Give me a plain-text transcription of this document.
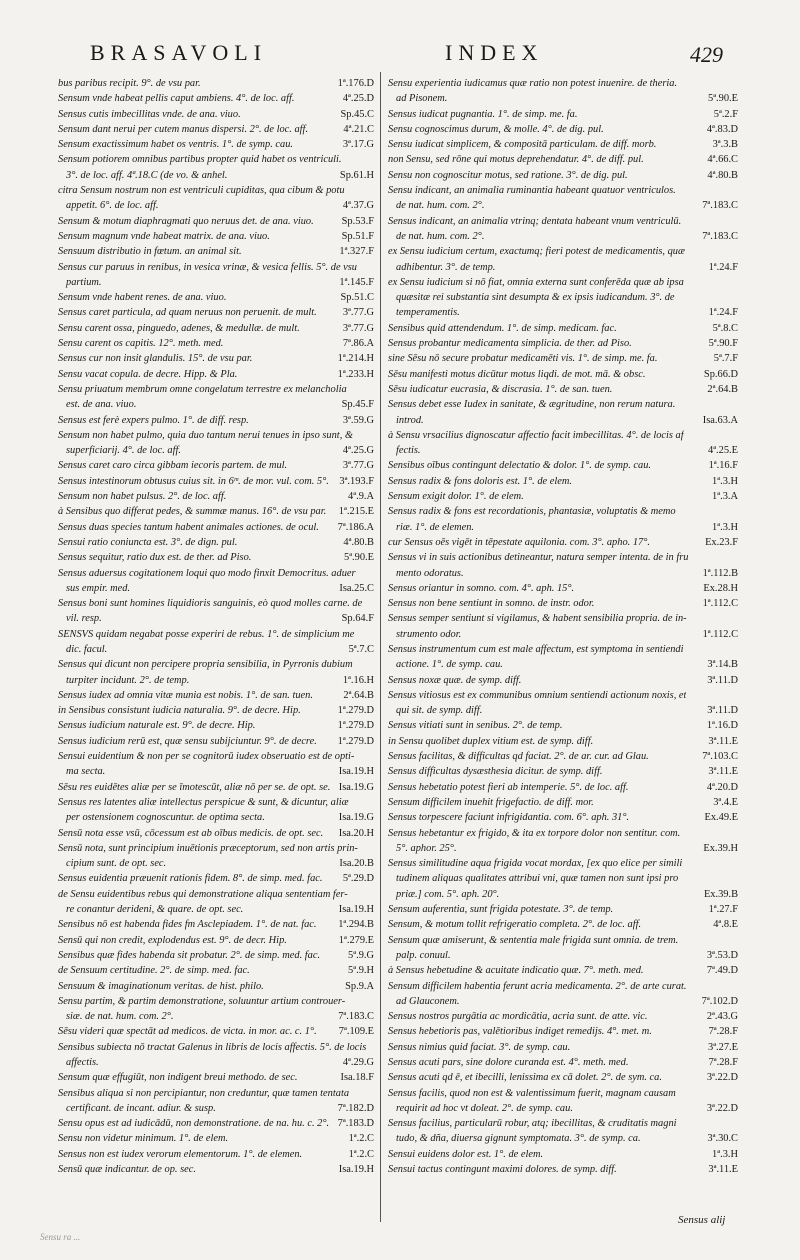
BRASAVOLI	INDEX	429
bus paribus recipit. 9°. de vsu par.	1ª.176.D
Sensum vnde habeat pellis caput ambiens. 4°. de loc. aff.	4ª.25.D
Sensus cutis imbecillitas vnde. de ana. viuo.	Sp.45.C
Sensum dant nerui per cutem manus dispersi. 2°. de loc. aff.	4ª.21.C
Sensum exactissimum habet os ventris. 1°. de symp. cau.	3ª.17.G
Sensum potiorem omnibus partibus propter quid habet os ventriculi.
3°. de loc. aff. 4ª.18.C (de vo. & anhel.	Sp.61.H
citra Sensum nostrum non est ventriculi cupiditas, qua cibum & potu
appetit. 6°. de loc. aff.	4ª.37.G
Sensum & motum diaphragmati quo neruus det. de ana. viuo.	Sp.53.F
Sensum magnum vnde habeat matrix. de ana. viuo.	Sp.51.F
Sensuum distributio in fœtum. an animal sit.	1ª.327.F
Sensus cur paruus in renibus, in vesica vrinæ, & vesica fellis. 5°. de vsu
partium.	1ª.145.F
Sensum vnde habent renes. de ana. viuo.	Sp.51.C
Sensus caret particula, ad quam neruus non peruenit. de mult.	3ª.77.G
Sensu carent ossa, pinguedo, adenes, & medullæ. de mult.	3ª.77.G
Sensu carent os capitis. 12°. meth. med.	7ª.86.A
Sensus cur non insit glandulis. 15°. de vsu par.	1ª.214.H
Sensu vacat copula. de decre. Hipp. & Pla.	1ª.233.H
Sensu priuatum membrum omne congelatum terrestre ex melancholia
est. de ana. viuo.	Sp.45.F
Sensus est ferè expers pulmo. 1°. de diff. resp.	3ª.59.G
Sensum non habet pulmo, quia duo tantum nerui tenues in ipso sunt, &
superficiarij. 4°. de loc. aff.	4ª.25.G
Sensus caret caro circa gibbam iecoris partem. de mul.	3ª.77.G
Sensus intestinorum obtusus cuius sit. in 6ᵐ. de mor. vul. com. 5°.	3ª.193.F
Sensum non habet pulsus. 2°. de loc. aff.	4ª.9.A
à Sensibus quo differat pedes, & summæ manus. 16°. de vsu par.	1ª.215.E
Sensus duas species tantum habent animales actiones. de ocul.	7ª.186.A
Sensui ratio coniuncta est. 3°. de dign. pul.	4ª.80.B
Sensus sequitur, ratio dux est. de ther. ad Piso.	5ª.90.E
Sensus aduersus cogitationem loqui quo modo finxit Democritus. aduer
sus empir. med.	Isa.25.C
Sensus boni sunt homines liquidioris sanguinis, eò quod molles carne. de
vil. resp.	Sp.64.F
SENSVS quidam negabat posse experiri de rebus. 1°. de simplicium me
dic. facul.	5ª.7.C
Sensus qui dicunt non percipere propria sensibilia, in Pyrronis dubium
turpiter incidunt. 2°. de temp.	1ª.16.H
Sensus iudex ad omnia vitæ munia est nobis. 1°. de san. tuen.	2ª.64.B
in Sensibus consistunt iudicia naturalia. 9°. de decre. Hip.	1ª.279.D
Sensus iudicium naturale est. 9°. de decre. Hip.	1ª.279.D
Sensus iudicium rerū est, quæ sensu subijciuntur. 9°. de decre.	1ª.279.D
Sensui euidentium & non per se cognitorū iudex obseruatio est de opti-
ma secta.	Isa.19.H
Sēsu res euidētes aliæ per se īmotescūt, aliæ nō per se. de opt. se. Isa.19.G
Sensus res latentes aliæ intellectus perspicue & sunt, & dicuntur, aliæ
per ostensionem cognoscuntur. de optima secta.	Isa.19.G
Sensū nota esse vsū, cōcessum est ab oībus medicis. de opt. sec.	Isa.20.H
Sensū nota, sunt principium inuētionis præceptorum, sed non artis prin-
cipium sunt. de opt. sec.	Isa.20.B
Sensus euidentia præuenit rationis fidem. 8°. de simp. med. fac.	5ª.29.D
de Sensu euidentibus rebus qui demonstratione aliqua sententiam fer-
re conantur derideni, & quare. de opt. sec.	Isa.19.H
Sensibus nō est habenda fides fm Asclepiadem. 1°. de nat. fac.	1ª.294.B
Sensū qui non credit, explodendus est. 9°. de decr. Hip.	1ª.279.E
Sensibus quæ fides habenda sit probatur. 2°. de simp. med. fac.	5ª.9.G
de Sensuum certitudine. 2°. de simp. med. fac.	5ª.9.H
Sensuum & imaginationum veritas. de hist. philo.	Sp.9.A
Sensu partim, & partim demonstratione, soluuntur artium controuer-
siæ. de nat. hum. com. 2°.	7ª.183.C
Sēsu videri quæ spectāt ad medicos. de victa. in mor. ac. c. 1°.	7ª.109.E
Sensibus subiecta nō tractat Galenus in libris de locis affectis. 5°. de locis
affectis.	4ª.29.G
Sensum quæ effugiūt, non indigent breui methodo. de sec.	Isa.18.F
Sensibus aliqua si non percipiantur, non creduntur, quæ tamen tentata
certificant. de incant. adiur. & susp.	7ª.182.D
Sensu opus est ad iudicādū, non demonstratione. de na. hu. c. 2°. 7ª.183.D
Sensu non videtur minimum. 1°. de elem.	1ª.2.C
Sensus non est iudex verorum elementorum. 1°. de elemen.	1ª.2.C
Sensū quæ indicantur. de op. sec.	Isa.19.H
Sensu experientia iudicamus quæ ratio non potest inuenire. de theria.
ad Pisonem.	5ª.90.E
Sensus iudicat pugnantia. 1°. de simp. me. fa.	5ª.2.F
Sensu cognoscimus durum, & molle. 4°. de dig. pul.	4ª.83.D
Sensu iudicat simplicem, & compositā particulam. de diff. morb.	3ª.3.B
non Sensu, sed rōne qui motus deprehendatur. 4°. de diff. pul.	4ª.66.C
Sensu non cognoscitur motus, sed ratione. 3°. de dig. pul.	4ª.80.B
Sensu indicant, an animalia ruminantia habeant quatuor ventriculos.
de nat. hum. com. 2°.	7ª.183.C
Sensus indicant, an animalia vtrinq; dentata habeant vnum ventriculū.
de nat. hum. com. 2°.	7ª.183.C
ex Sensu iudicium certum, exactumq; fieri potest de medicamentis, quæ
adhibentur. 3°. de temp.	1ª.24.F
ex Sensu iudicium si nō fiat, omnia externa sunt conferēda quæ ab ipsa
quæsitæ rei substantia sint desumpta & ex ipsis iudicandum. 3°. de
temperamentis.	1ª.24.F
Sensibus quid attendendum. 1°. de simp. medicam. fac.	5ª.8.C
Sensus probantur medicamenta simplicia. de ther. ad Piso.	5ª.90.F
sine Sēsu nō secure probatur medicamēti vis. 1°. de simp. me. fa.	5ª.7.F
Sēsu manifesti motus dicūtur motus liqdi. de mot. mā. & obsc.	Sp.66.D
Sēsu iudicatur eucrasia, & discrasia. 1°. de san. tuen.	2ª.64.B
Sensus debet esse Iudex in sanitate, & ægritudine, non rerum natura.
introd.	Isa.63.A
à Sensu vrsacilius dignoscatur affectio facit imbecillitas. 4°. de locis af
fectis.	4ª.25.E
Sensibus oībus contingunt delectatio & dolor. 1°. de symp. cau.	1ª.16.F
Sensus radix & fons doloris est. 1°. de elem.	1ª.3.H
Sensum exigit dolor. 1°. de elem.	1ª.3.A
Sensus radix & fons est recordationis, phantasiæ, voluptatis & memo
riæ. 1°. de elemen.	1ª.3.H
cur Sensus oēs vigēt in tēpestate aquilonia. com. 3°. apho. 17°.	Ex.23.F
Sensus vi in suis actionibus detineantur, natura semper intenta. de in fru
mento odoratus.	1ª.112.B
Sensus oriantur in somno. com. 4°. aph. 15°.	Ex.28.H
Sensus non bene sentiunt in somno. de instr. odor.	1ª.112.C
Sensus semper sentiunt si vigilamus, & habent sensibilia propria. de in-
strumento odor.	1ª.112.C
Sensus instrumentum cum est male affectum, est symptoma in sentiendi
actione. 1°. de symp. cau.	3ª.14.B
Sensus noxæ quæ. de symp. diff.	3ª.11.D
Sensus vitiosus est ex communibus omnium sentiendi actionum noxis, et
qui sit. de symp. diff.	3ª.11.D
Sensus vitiati sunt in senibus. 2°. de temp.	1ª.16.D
in Sensu quolibet duplex vitium est. de symp. diff.	3ª.11.E
Sensus facilitas, & difficultas qd faciat. 2°. de ar. cur. ad Glau.	7ª.103.C
Sensus difficultas dysæsthesia dicitur. de symp. diff.	3ª.11.E
Sensus hebetatio potest fieri ab intemperie. 5°. de loc. aff.	4ª.20.D
Sensum difficilem inuehit frigefactio. de diff. mor.	3ª.4.E
Sensus torpescere faciunt infrigidantia. com. 6°. aph. 31°.	Ex.49.E
Sensus hebetantur ex frigido, & ita ex torpore dolor non sentitur. com.
5°. aphor. 25°.	Ex.39.H
Sensus similitudine aqua frigida vocat mordax, [ex quo elice per simili
tudinem aliquas qualitates attribui vni, quæ tamen non sunt ipsi pro
priæ.] com. 5°. aph. 20°.	Ex.39.B
Sensum auferentia, sunt frigida potestate. 3°. de temp.	1ª.27.F
Sensum, & motum tollit refrigeratio completa. 2°. de loc. aff.	4ª.8.E
Sensum quæ amiserunt, & sententia male frigida sunt omnia. de trem.
palp. conuul.	3ª.53.D
à Sensus hebetudine & acuitate indicatio quæ. 7°. meth. med.	7ª.49.D
Sensum difficilem habentia ferunt acria medicamenta. 2°. de arte curat.
ad Glauconem.	7ª.102.D
Sensus nostros purgātia ac mordicātia, acria sunt. de atte. vic.	2ª.43.G
Sensus hebetioris pas, valētioribus indiget remedijs. 4°. met. m.	7ª.28.F
Sensus nimius quid faciat. 3°. de symp. cau.	3ª.27.E
Sensus acuti pars, sine dolore curanda est. 4°. meth. med.	7ª.28.F
Sensus acuti qd ē, et ibecilli, lenissima ex cā dolet. 2°. de sym. ca.	3ª.22.D
Sensus facilis, quod non est & valentissimum fuerit, magnam causam
requirit ad hoc vt doleat. 2°. de symp. cau.	3ª.22.D
Sensus facilius, particularū robur, atq; ibecillitas, & cruditatis magni
tudo, & dña, diuersa gignunt symptomata. 3°. de symp. ca.	3ª.30.C
Sensui euidens dolor est. 1°. de elem.	1ª.3.H
Sensui tactus contingunt maximi dolores. de symp. diff.	3ª.11.E
Sensus alij
Sensu ra ...
